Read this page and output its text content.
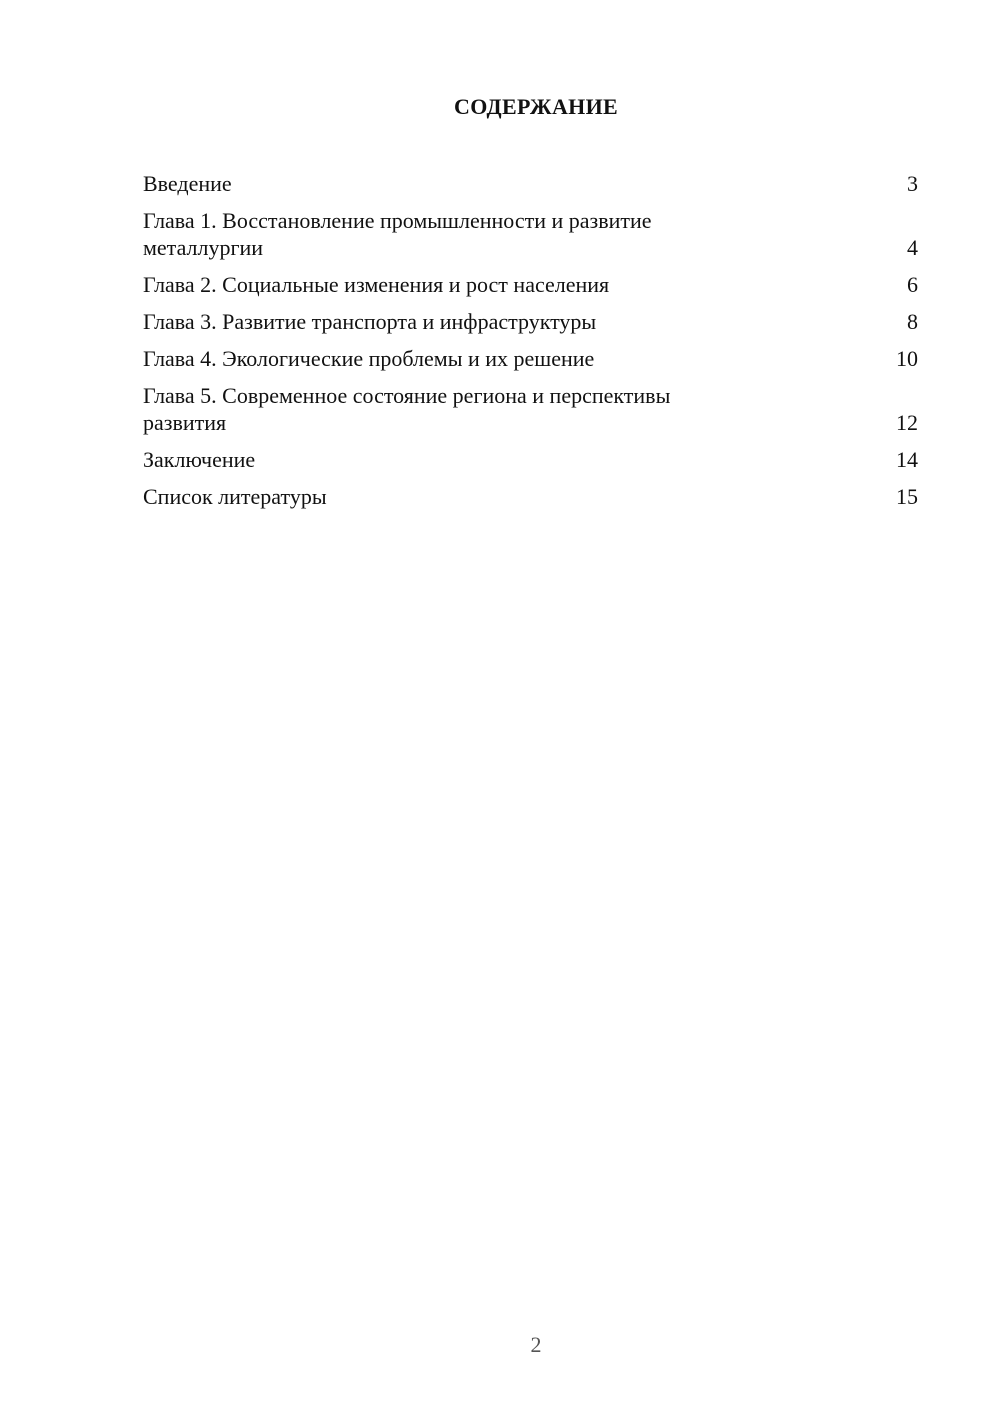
СОДЕРЖАНИЕ
Введение	3
Глава 1. Восстановление промышленности и развитие металлургии	4
Глава 2. Социальные изменения и рост населения	6
Глава 3. Развитие транспорта и инфраструктуры	8
Глава 4. Экологические проблемы и их решение	10
Глава 5. Современное состояние региона и перспективы развития	12
Заключение	14
Список литературы	15
2
